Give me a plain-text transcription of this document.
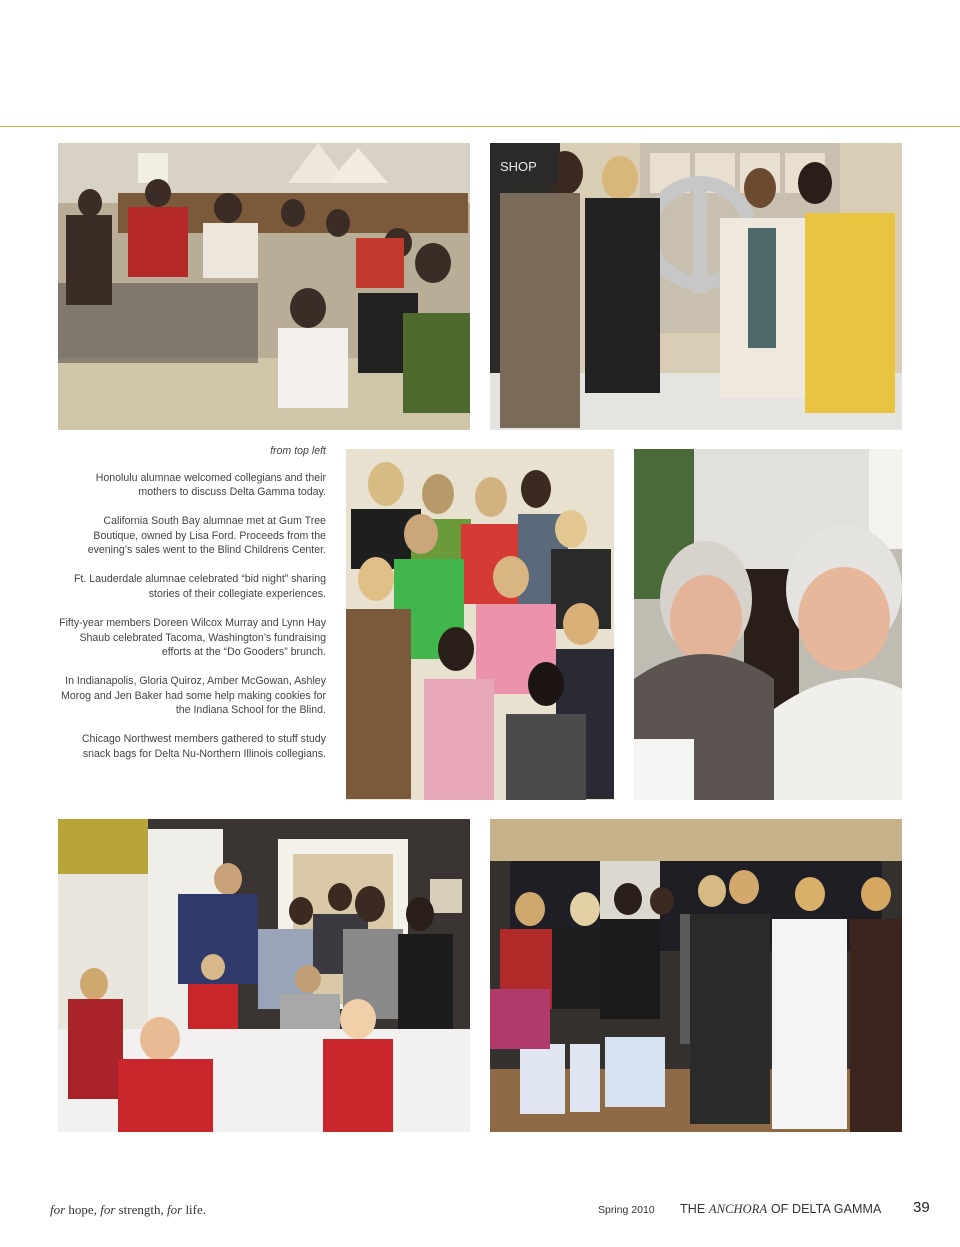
SHOP

from top left

Honolulu alumnae welcomed collegians and their mothers to discuss Delta Gamma today.

California South Bay alumnae met at Gum Tree Boutique, owned by Lisa Ford. Proceeds from the evening’s sales went to the Blind Childrens Center.

Ft. Lauderdale alumnae celebrated “bid night” sharing stories of their collegiate experiences.

Fifty-year members Doreen Wilcox Murray and Lynn Hay Shaub celebrated Tacoma, Washington’s fundraising efforts at the “Do Gooders” brunch.

In Indianapolis, Gloria Quiroz, Amber McGowan, Ashley Morog and Jen Baker had some help making cookies for the Indiana School for the Blind.

Chicago Northwest members gathered to stuff study snack bags for Delta Nu-Northern Illinois collegians.

for hope, for strength, for life.	Spring 2010 THE ANCHORA OF DELTA GAMMA 39
